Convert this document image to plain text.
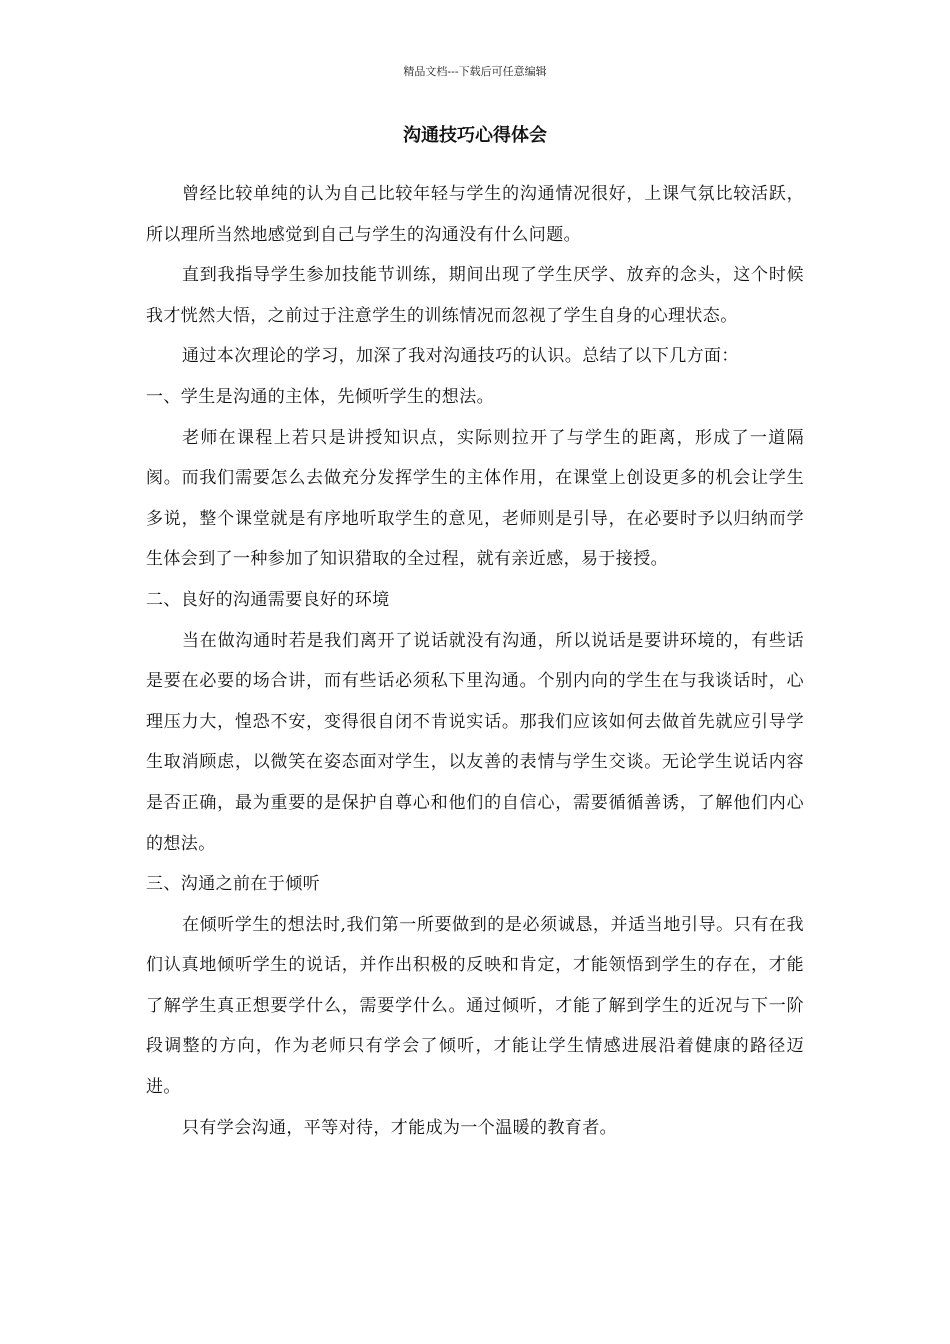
精品文档---下载后可任意编辑
沟通技巧心得体会

曾经比较单纯的认为自己比较年轻与学生的沟通情况很好，上课气氛比较活跃，所以理所当然地感觉到自己与学生的沟通没有什么问题。

直到我指导学生参加技能节训练，期间出现了学生厌学、放弃的念头，这个时候我才恍然大悟，之前过于注意学生的训练情况而忽视了学生自身的心理状态。

通过本次理论的学习，加深了我对沟通技巧的认识。总结了以下几方面：

一、学生是沟通的主体，先倾听学生的想法。

老师在课程上若只是讲授知识点，实际则拉开了与学生的距离，形成了一道隔阂。而我们需要怎么去做充分发挥学生的主体作用，在课堂上创设更多的机会让学生多说，整个课堂就是有序地听取学生的意见，老师则是引导，在必要时予以归纳而学生体会到了一种参加了知识猎取的全过程，就有亲近感，易于接授。

二、良好的沟通需要良好的环境

当在做沟通时若是我们离开了说话就没有沟通，所以说话是要讲环境的，有些话是要在必要的场合讲，而有些话必须私下里沟通。个别内向的学生在与我谈话时，心理压力大，惶恐不安，变得很自闭不肯说实话。那我们应该如何去做首先就应引导学生取消顾虑，以微笑在姿态面对学生，以友善的表情与学生交谈。无论学生说话内容是否正确，最为重要的是保护自尊心和他们的自信心，需要循循善诱，了解他们内心的想法。

三、沟通之前在于倾听

在倾听学生的想法时,我们第一所要做到的是必须诚恳，并适当地引导。只有在我们认真地倾听学生的说话，并作出积极的反映和肯定，才能领悟到学生的存在，才能了解学生真正想要学什么，需要学什么。通过倾听，才能了解到学生的近况与下一阶段调整的方向，作为老师只有学会了倾听，才能让学生情感进展沿着健康的路径迈进。

只有学会沟通，平等对待，才能成为一个温暖的教育者。
